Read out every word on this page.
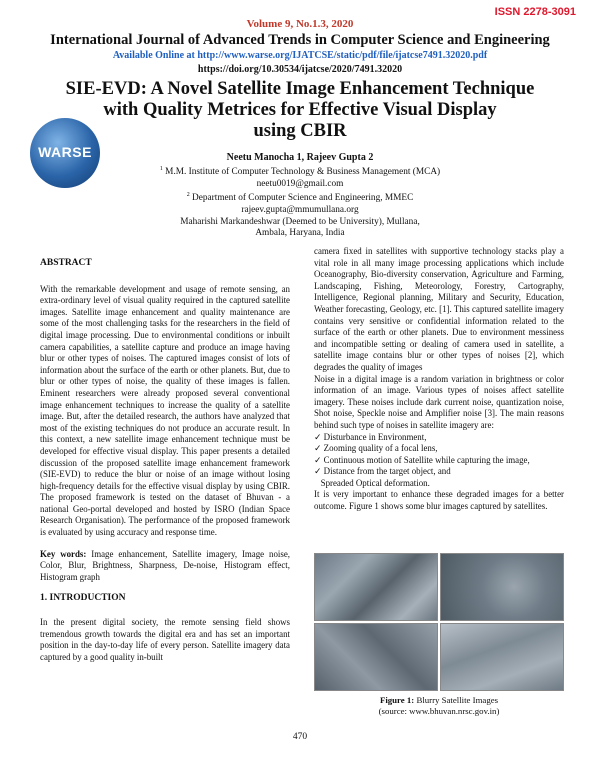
ISSN 2278-3091
Volume 9, No.1.3, 2020
International Journal of Advanced Trends in Computer Science and Engineering
Available Online at http://www.warse.org/IJATCSE/static/pdf/file/ijatcse7491.32020.pdf
https://doi.org/10.30534/ijatcse/2020/7491.32020
WARSE
SIE-EVD: A Novel Satellite Image Enhancement Technique
with Quality Metrices for Effective Visual Display
using CBIR
Neetu Manocha 1, Rajeev Gupta 2
$^1$ M.M. Institute of Computer Technology & Business Management (MCA)
neetu0019@gmail.com
$^2$ Department of Computer Science and Engineering, MMEC
rajeev.gupta@mmumullana.org
Maharishi Markandeshwar (Deemed to be University), Mullana,
Ambala, Haryana, India
ABSTRACT

With the remarkable development and usage of remote sensing, an extra-ordinary level of visual quality required in the captured satellite images. Satellite image enhancement and quality maintenance are some of the most challenging tasks for the researchers in the field of digital image processing. Due to environmental conditions or inbuilt camera capabilities, a satellite capture and produce an image having blur or other types of noises. The captured images consist of lots of information about the surface of the earth or other planets. But, due to blur or other types of noise, the quality of these images is fallen. Eminent researchers were already proposed several conventional image enhancement techniques to increase the quality of a satellite image. But, after the detailed research, the authors have analyzed that most of the existing techniques do not produce an accurate result. In this context, a new satellite image enhancement technique must be developed for effective visual display. This paper presents a detailed discussion of the proposed satellite image enhancement framework (SIE-EVD) to reduce the blur or noise of an image without losing high-frequency details for the effective visual display by using CBIR. The proposed framework is tested on the dataset of Bhuvan - a national Geo-portal developed and hosted by ISRO (Indian Space Research Organisation). The performance of the proposed framework is evaluated by using accuracy and response time.

Key words: Image enhancement, Satellite imagery, Image noise, Color, Blur, Brightness, Sharpness, De-noise, Histogram effect, Histogram graph

1. INTRODUCTION

In the present digital society, the remote sensing field shows tremendous growth towards the digital era and has set an important position in the day-to-day life of every person. Satellite imagery data captured by a good quality in-built

camera fixed in satellites with supportive technology stacks play a vital role in all many image processing applications which include Oceanography, Bio-diversity conservation, Agriculture and Farming, Landscaping, Fishing, Meteorology, Forestry, Cartography, Intelligence, Regional planning, Military and Security, Education, Weather forecasting, Geology, etc. [1]. This captured satellite imagery contains very sensitive or confidential information related to the surface of the earth or other planets. Due to environment messiness and incompatible setting or dealing of camera used in satellite, a satellite image contains blur or other types of noises [2], which degrades the quality of images

Noise in a digital image is a random variation in brightness or color information of an image. Various types of noises affect satellite imagery. These noises include dark current noise, quantization noise, Shot noise, Speckle noise and Amplifier noise [3]. The main reasons behind such type of noises in satellite imagery are:

✓ Disturbance in Environment,
✓ Zooming quality of a focal lens,
✓ Continuous motion of Satellite while capturing the image,
✓ Distance from the target object, and
Spreaded Optical deformation.

It is very important to enhance these degraded images for a better outcome. Figure 1 shows some blur images captured by satellites.

Figure 1: Blurry Satellite Images
(source: www.bhuvan.nrsc.gov.in)
470
